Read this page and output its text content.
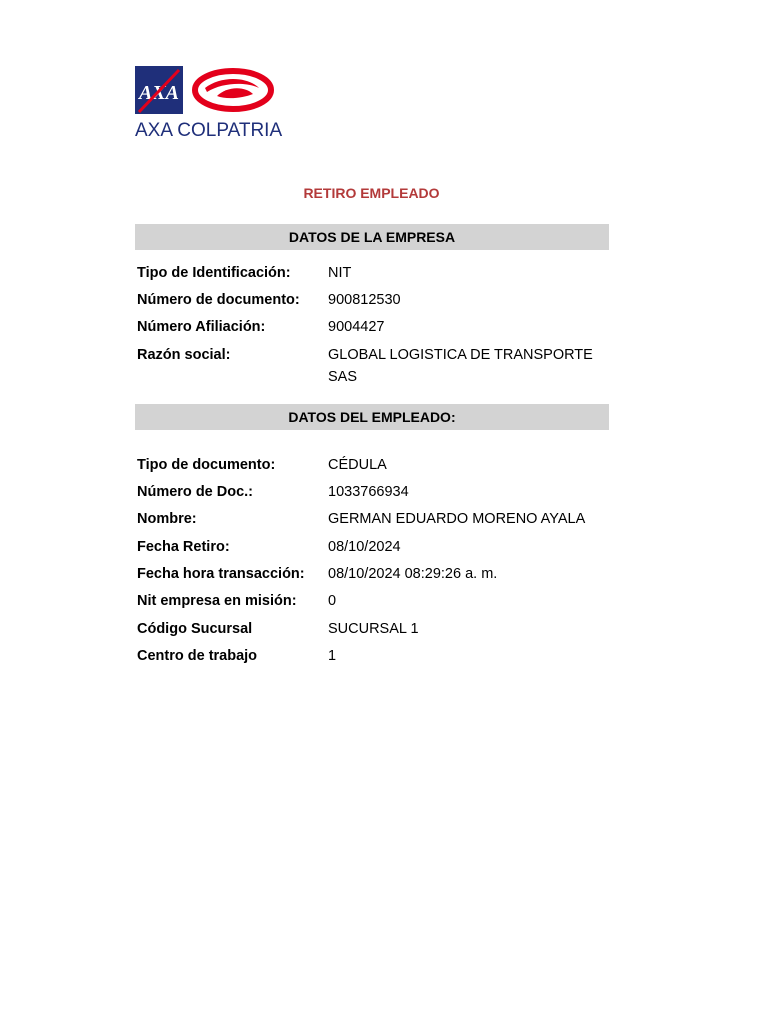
AXA
AXA COLPATRIA
RETIRO EMPLEADO
DATOS DE LA EMPRESA
Tipo de Identificación:	NIT
Número de documento: 900812530
Número Afiliación:	9004427
Razón social:	GLOBAL LOGISTICA DE TRANSPORTE SAS
DATOS DEL EMPLEADO:
Tipo de documento:	CÉDULA
Número de Doc.:	1033766934
Nombre:	GERMAN EDUARDO MORENO AYALA
Fecha Retiro:	08/10/2024
Fecha hora transacción: 08/10/2024 08:29:26 a. m.
Nit empresa en misión: 0
Código Sucursal	SUCURSAL 1
Centro de trabajo	1
